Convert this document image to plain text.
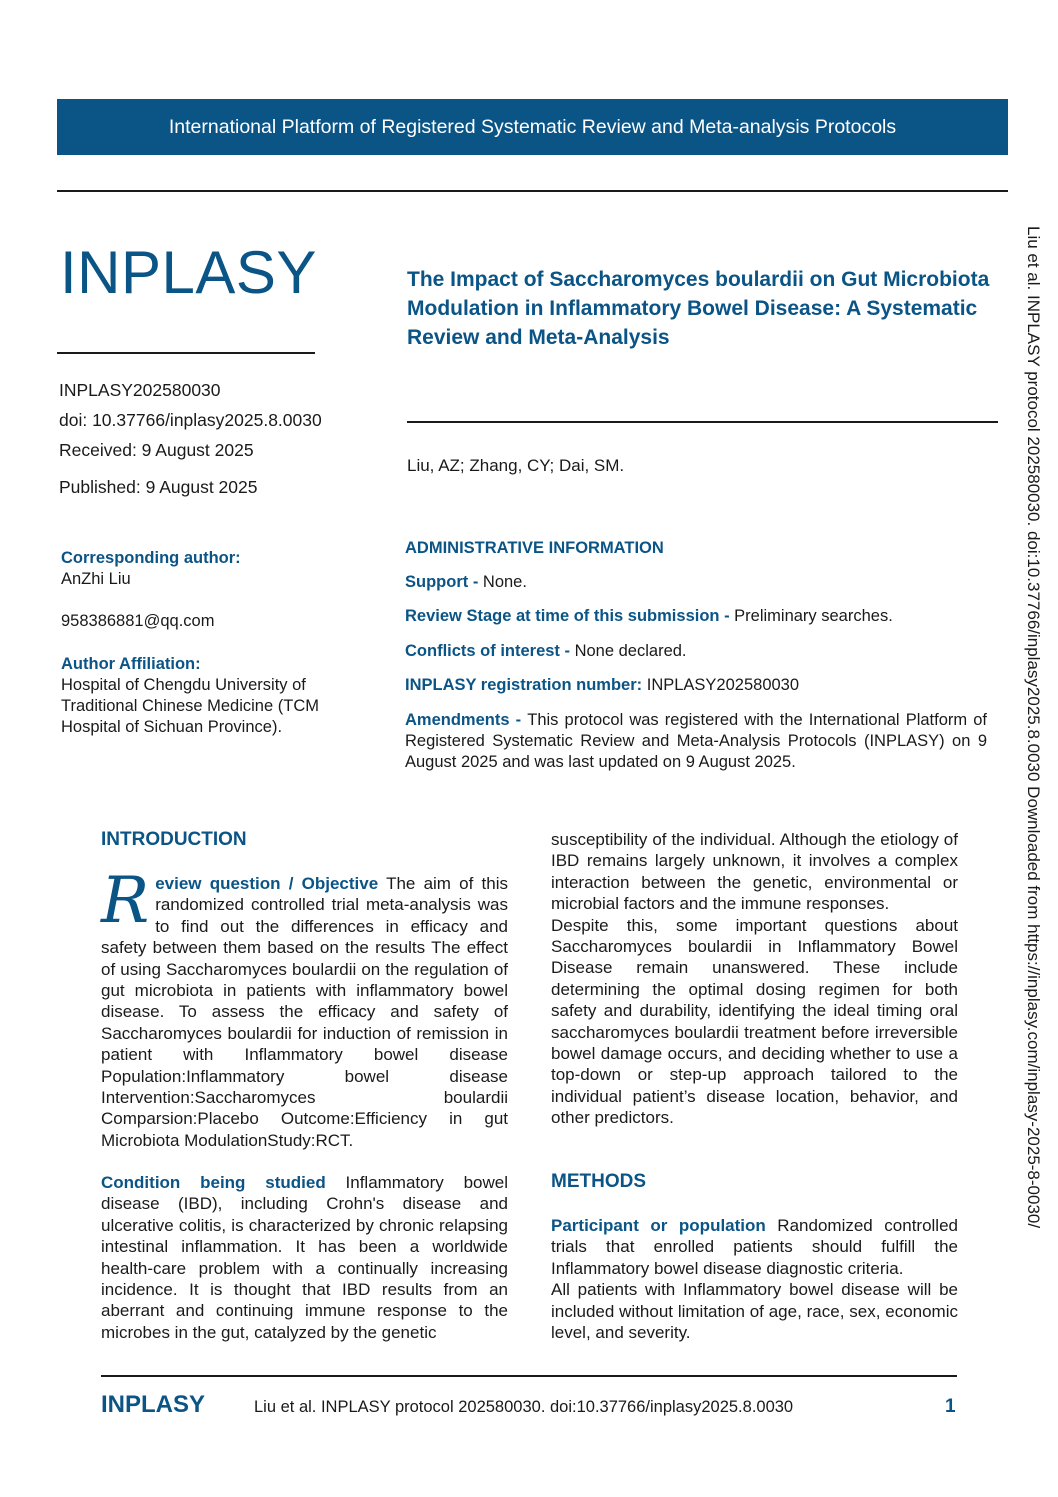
International Platform of Registered Systematic Review and Meta-analysis Protocols
INPLASY
INPLASY202580030
doi: 10.37766/inplasy2025.8.0030
Received: 9 August 2025
Published: 9 August 2025
Corresponding author:
AnZhi Liu
958386881@qq.com
Author Affiliation:
Hospital of Chengdu University of Traditional Chinese Medicine (TCM Hospital of Sichuan Province).
The Impact of Saccharomyces boulardii on Gut Microbiota Modulation in Inflammatory Bowel Disease: A Systematic Review and Meta-Analysis
Liu, AZ; Zhang, CY; Dai, SM.
ADMINISTRATIVE INFORMATION
Support - None.
Review Stage at time of this submission - Preliminary searches.
Conflicts of interest - None declared.
INPLASY registration number: INPLASY202580030
Amendments - This protocol was registered with the International Platform of Registered Systematic Review and Meta-Analysis Protocols (INPLASY) on 9 August 2025 and was last updated on 9 August 2025.
INTRODUCTION
Review question / Objective The aim of this randomized controlled trial meta-analysis was to find out the differences in efficacy and safety between them based on the results The effect of using Saccharomyces boulardii on the regulation of gut microbiota in patients with inflammatory bowel disease. To assess the efficacy and safety of Saccharomyces boulardii for induction of remission in patient with Inflammatory bowel disease Population:Inflammatory bowel disease Intervention:Saccharomyces boulardii Comparsion:Placebo Outcome:Efficiency in gut Microbiota ModulationStudy:RCT.
Condition being studied Inflammatory bowel disease (IBD), including Crohn's disease and ulcerative colitis, is characterized by chronic relapsing intestinal inflammation. It has been a worldwide health-care problem with a continually increasing incidence. It is thought that IBD results from an aberrant and continuing immune response to the microbes in the gut, catalyzed by the genetic

susceptibility of the individual. Although the etiology of IBD remains largely unknown, it involves a complex interaction between the genetic, environmental or microbial factors and the immune responses.

Despite this, some important questions about Saccharomyces boulardii in Inflammatory Bowel Disease remain unanswered. These include determining the optimal dosing regimen for both safety and durability, identifying the ideal timing oral saccharomyces boulardii treatment before irreversible bowel damage occurs, and deciding whether to use a top-down or step-up approach tailored to the individual patient’s disease location, behavior, and other predictors.

METHODS

Participant or population Randomized controlled trials that enrolled patients should fulfill the Inflammatory bowel disease diagnostic criteria.

All patients with Inflammatory bowel disease will be included without limitation of age, race, sex, economic level, and severity.

Liu et al. INPLASY protocol 202580030. doi:10.37766/inplasy2025.8.0030 Downloaded from https://inplasy.com/inplasy-2025-8-0030/
INPLASY	Liu et al. INPLASY protocol 202580030. doi:10.37766/inplasy2025.8.0030	1
